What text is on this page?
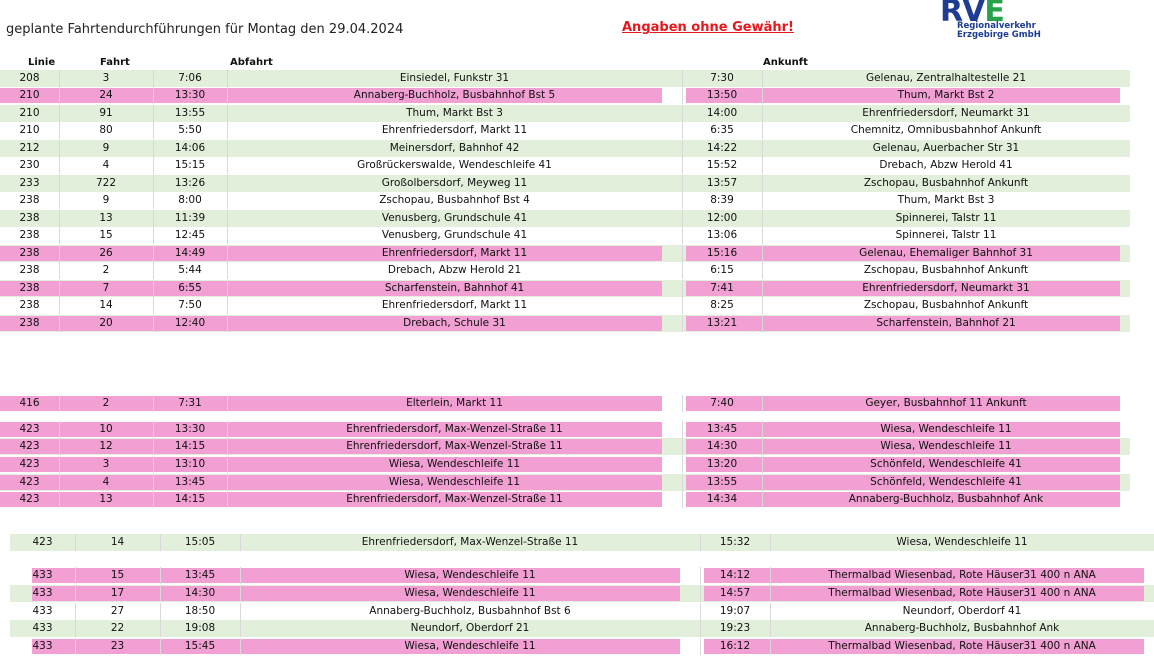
geplante Fahrtendurchführungen für Montag den 29.04.2024	Angaben ohne Gewähr!	RVE
Regionalverkehr
Erzgebirge GmbH
Linie	Fahrt	Abfahrt	Ankunft
208	3	7:06	Einsiedel, Funkstr 31	7:30	Gelenau, Zentralhaltestelle 21
210	24	13:30	Annaberg-Buchholz, Busbahnhof Bst 5	13:50	Thum, Markt Bst 2
210	91	13:55	Thum, Markt Bst 3	14:00	Ehrenfriedersdorf, Neumarkt 31
210	80	5:50	Ehrenfriedersdorf, Markt 11	6:35	Chemnitz, Omnibusbahnhof Ankunft
212	9	14:06	Meinersdorf, Bahnhof 42	14:22	Gelenau, Auerbacher Str 31
230	4	15:15	Großrückerswalde, Wendeschleife 41	15:52	Drebach, Abzw Herold 41
233	722	13:26	Großolbersdorf, Meyweg 11	13:57	Zschopau, Busbahnhof Ankunft
238	9	8:00	Zschopau, Busbahnhof Bst 4	8:39	Thum, Markt Bst 3
238	13	11:39	Venusberg, Grundschule 41	12:00	Spinnerei, Talstr 11
238	15	12:45	Venusberg, Grundschule 41	13:06	Spinnerei, Talstr 11
238	26	14:49	Ehrenfriedersdorf, Markt 11	15:16	Gelenau, Ehemaliger Bahnhof 31
238	2	5:44	Drebach, Abzw Herold 21	6:15	Zschopau, Busbahnhof Ankunft
238	7	6:55	Scharfenstein, Bahnhof 41	7:41	Ehrenfriedersdorf, Neumarkt 31
238	14	7:50	Ehrenfriedersdorf, Markt 11	8:25	Zschopau, Busbahnhof Ankunft
238	20	12:40	Drebach, Schule 31	13:21	Scharfenstein, Bahnhof 21
416	2	7:31	Elterlein, Markt 11	7:40	Geyer, Busbahnhof 11 Ankunft
423	10	13:30	Ehrenfriedersdorf, Max-Wenzel-Straße 11	13:45	Wiesa, Wendeschleife 11
423	12	14:15	Ehrenfriedersdorf, Max-Wenzel-Straße 11	14:30	Wiesa, Wendeschleife 11
423	3	13:10	Wiesa, Wendeschleife 11	13:20	Schönfeld, Wendeschleife 41
423	4	13:45	Wiesa, Wendeschleife 11	13:55	Schönfeld, Wendeschleife 41
423	13	14:15	Ehrenfriedersdorf, Max-Wenzel-Straße 11	14:34	Annaberg-Buchholz, Busbahnhof Ank
423	14	15:05	Ehrenfriedersdorf, Max-Wenzel-Straße 11	15:32	Wiesa, Wendeschleife 11
433	15	13:45	Wiesa, Wendeschleife 11	14:12	Thermalbad Wiesenbad, Rote Häuser31 400 n ANA
433	17	14:30	Wiesa, Wendeschleife 11	14:57	Thermalbad Wiesenbad, Rote Häuser31 400 n ANA
433	27	18:50	Annaberg-Buchholz, Busbahnhof Bst 6	19:07	Neundorf, Oberdorf 41
433	22	19:08	Neundorf, Oberdorf 21	19:23	Annaberg-Buchholz, Busbahnhof Ank
433	23	15:45	Wiesa, Wendeschleife 11	16:12	Thermalbad Wiesenbad, Rote Häuser31 400 n ANA
